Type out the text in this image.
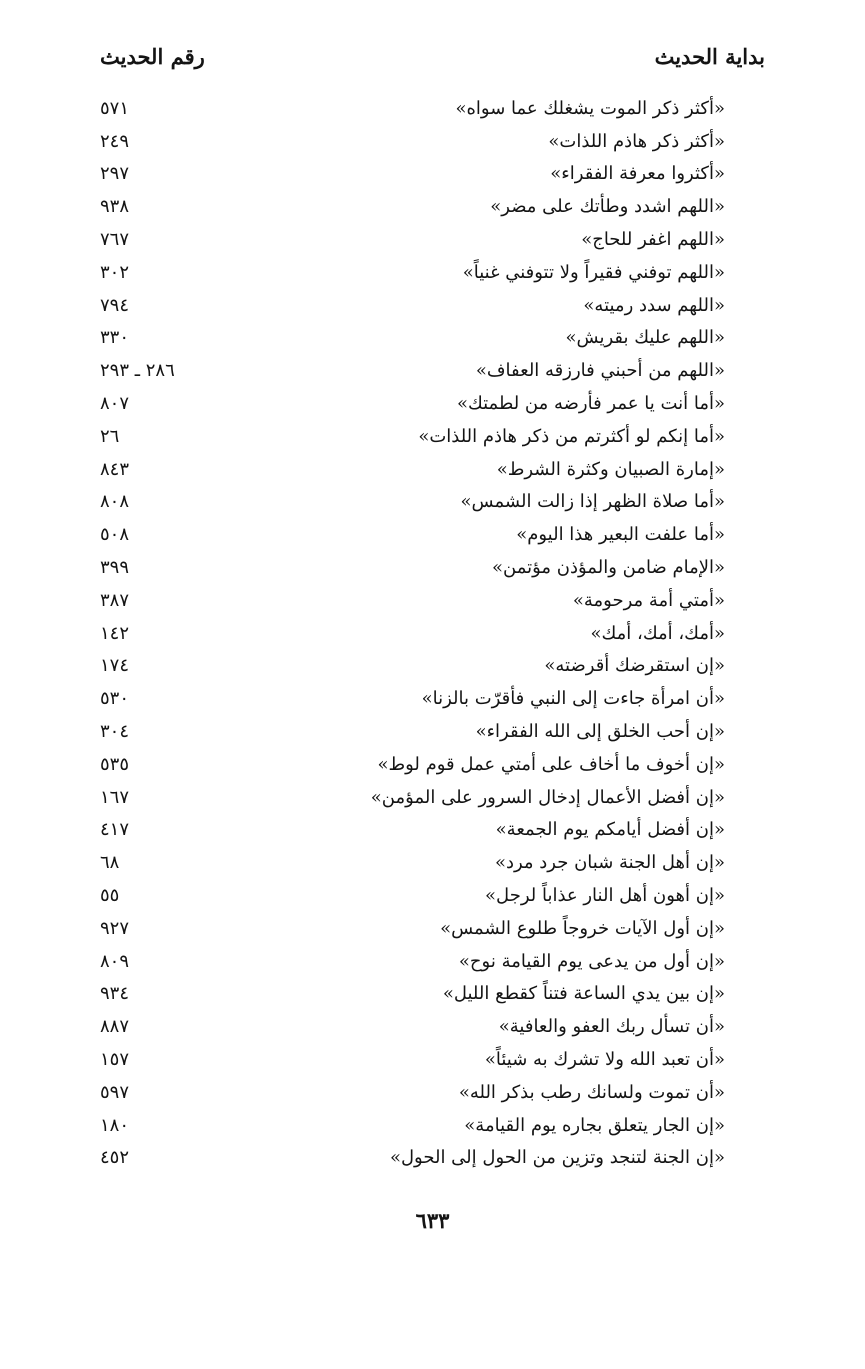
بداية الحديث
رقم الحديث
«أكثر ذكر الموت يشغلك عما سواه»
٥٧١
«أكثر ذكر هاذم اللذات»
٢٤٩
«أكثروا معرفة الفقراء»
٢٩٧
«اللهم اشدد وطأتك على مضر»
٩٣٨
«اللهم اغفر للحاج»
٧٦٧
«اللهم توفني فقيراً ولا تتوفني غنياً»
٣٠٢
«اللهم سدد رميته»
٧٩٤
«اللهم عليك بقريش»
٣٣٠
«اللهم من أحبني فارزقه العفاف»
٢٨٦ ـ ٢٩٣
«أما أنت يا عمر فأرضه من لطمتك»
٨٠٧
«أما إنكم لو أكثرتم من ذكر هاذم اللذات»
٢٦
«إمارة الصبيان وكثرة الشرط»
٨٤٣
«أما صلاة الظهر إذا زالت الشمس»
٨٠٨
«أما علفت البعير هذا اليوم»
٥٠٨
«الإمام ضامن والمؤذن مؤتمن»
٣٩٩
«أمتي أمة مرحومة»
٣٨٧
«أمك، أمك، أمك»
١٤٢
«إن استقرضك أقرضته»
١٧٤
«أن امرأة جاءت إلى النبي فأقرّت بالزنا»
٥٣٠
«إن أحب الخلق إلى الله الفقراء»
٣٠٤
«إن أخوف ما أخاف على أمتي عمل قوم لوط»
٥٣٥
«إن أفضل الأعمال إدخال السرور على المؤمن»
١٦٧
«إن أفضل أيامكم يوم الجمعة»
٤١٧
«إن أهل الجنة شبان جرد مرد»
٦٨
«إن أهون أهل النار عذاباً لرجل»
٥٥
«إن أول الآيات خروجاً طلوع الشمس»
٩٢٧
«إن أول من يدعى يوم القيامة نوح»
٨٠٩
«إن بين يدي الساعة فتناً كقطع الليل»
٩٣٤
«أن تسأل ربك العفو والعافية»
٨٨٧
«أن تعبد الله ولا تشرك به شيئاً»
١٥٧
«أن تموت ولسانك رطب بذكر الله»
٥٩٧
«إن الجار يتعلق بجاره يوم القيامة»
١٨٠
«إن الجنة لتنجد وتزين من الحول إلى الحول»
٤٥٢
٦٣٣
